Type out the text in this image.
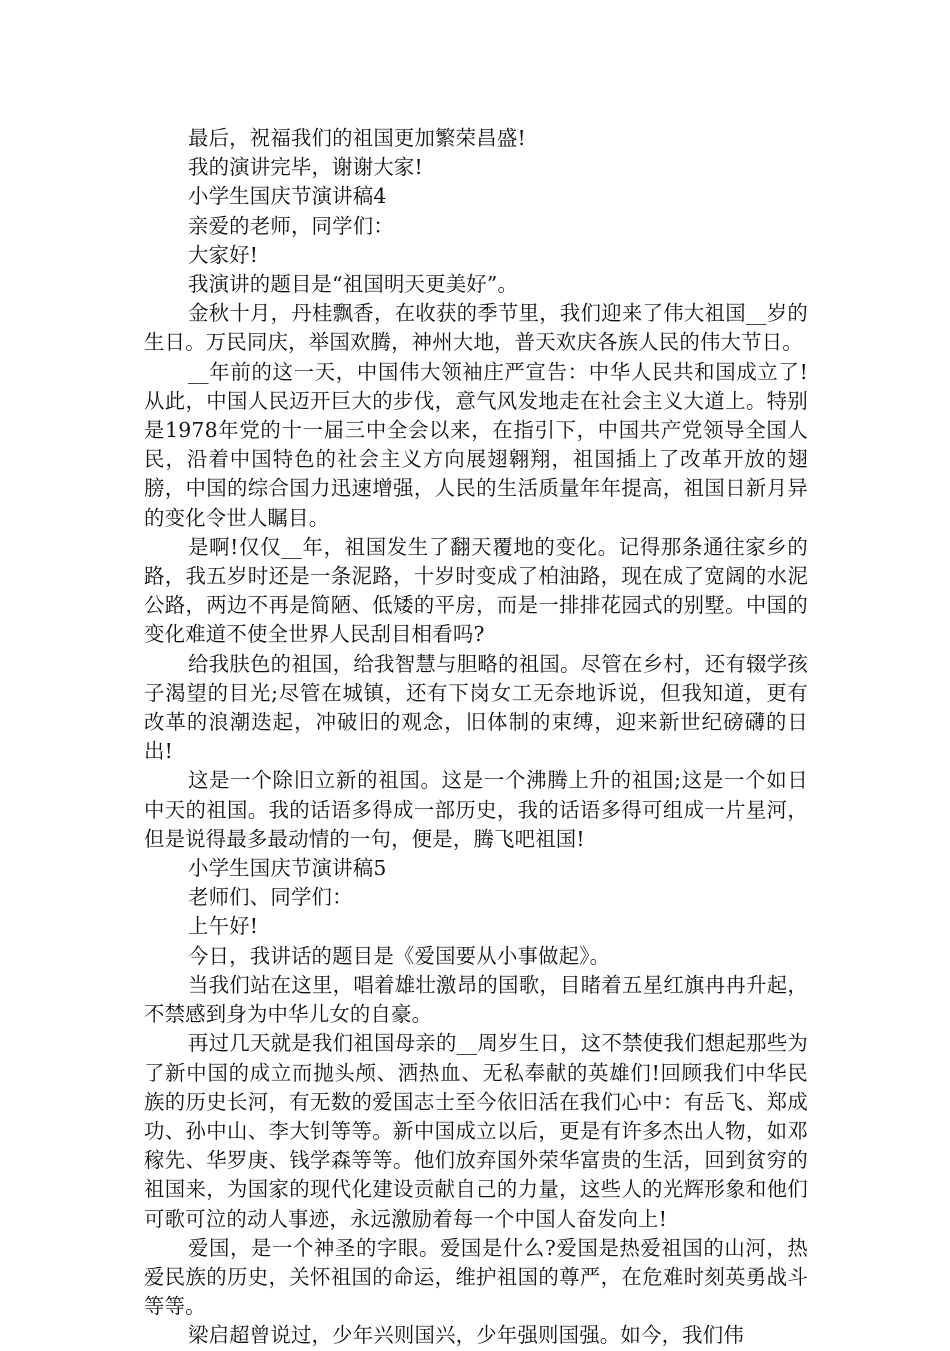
最后，祝福我们的祖国更加繁荣昌盛!

我的演讲完毕，谢谢大家!

小学生国庆节演讲稿4

亲爱的老师，同学们：

大家好!

我演讲的题目是“祖国明天更美好”。

金秋十月，丹桂飘香，在收获的季节里，我们迎来了伟大祖国__岁的生日。万民同庆，举国欢腾，神州大地，普天欢庆各族人民的伟大节日。

__年前的这一天，中国伟大领袖庄严宣告：中华人民共和国成立了!从此，中国人民迈开巨大的步伐，意气风发地走在社会主义大道上。特别是1978年党的十一届三中全会以来，在指引下，中国共产党领导全国人民，沿着中国特色的社会主义方向展翅翱翔，祖国插上了改革开放的翅膀，中国的综合国力迅速增强，人民的生活质量年年提高，祖国日新月异的变化令世人瞩目。

是啊!仅仅__年，祖国发生了翻天覆地的变化。记得那条通往家乡的路，我五岁时还是一条泥路，十岁时变成了柏油路，现在成了宽阔的水泥公路，两边不再是简陋、低矮的平房，而是一排排花园式的别墅。中国的变化难道不使全世界人民刮目相看吗?

给我肤色的祖国，给我智慧与胆略的祖国。尽管在乡村，还有辍学孩子渴望的目光;尽管在城镇，还有下岗女工无奈地诉说，但我知道，更有改革的浪潮迭起，冲破旧的观念，旧体制的束缚，迎来新世纪磅礴的日出!

这是一个除旧立新的祖国。这是一个沸腾上升的祖国;这是一个如日中天的祖国。我的话语多得成一部历史，我的话语多得可组成一片星河，但是说得最多最动情的一句，便是，腾飞吧祖国!

小学生国庆节演讲稿5

老师们、同学们：

上午好!

今日，我讲话的题目是《爱国要从小事做起》。

当我们站在这里，唱着雄壮激昂的国歌，目睹着五星红旗冉冉升起，不禁感到身为中华儿女的自豪。

再过几天就是我们祖国母亲的__周岁生日，这不禁使我们想起那些为了新中国的成立而抛头颅、洒热血、无私奉献的英雄们!回顾我们中华民族的历史长河，有无数的爱国志士至今依旧活在我们心中：有岳飞、郑成功、孙中山、李大钊等等。新中国成立以后，更是有许多杰出人物，如邓稼先、华罗庚、钱学森等等。他们放弃国外荣华富贵的生活，回到贫穷的祖国来，为国家的现代化建设贡献自己的力量，这些人的光辉形象和他们可歌可泣的动人事迹，永远激励着每一个中国人奋发向上!

爱国，是一个神圣的字眼。爱国是什么?爱国是热爱祖国的山河，热爱民族的历史，关怀祖国的命运，维护祖国的尊严，在危难时刻英勇战斗等等。

梁启超曾说过，少年兴则国兴，少年强则国强。如今，我们伟
